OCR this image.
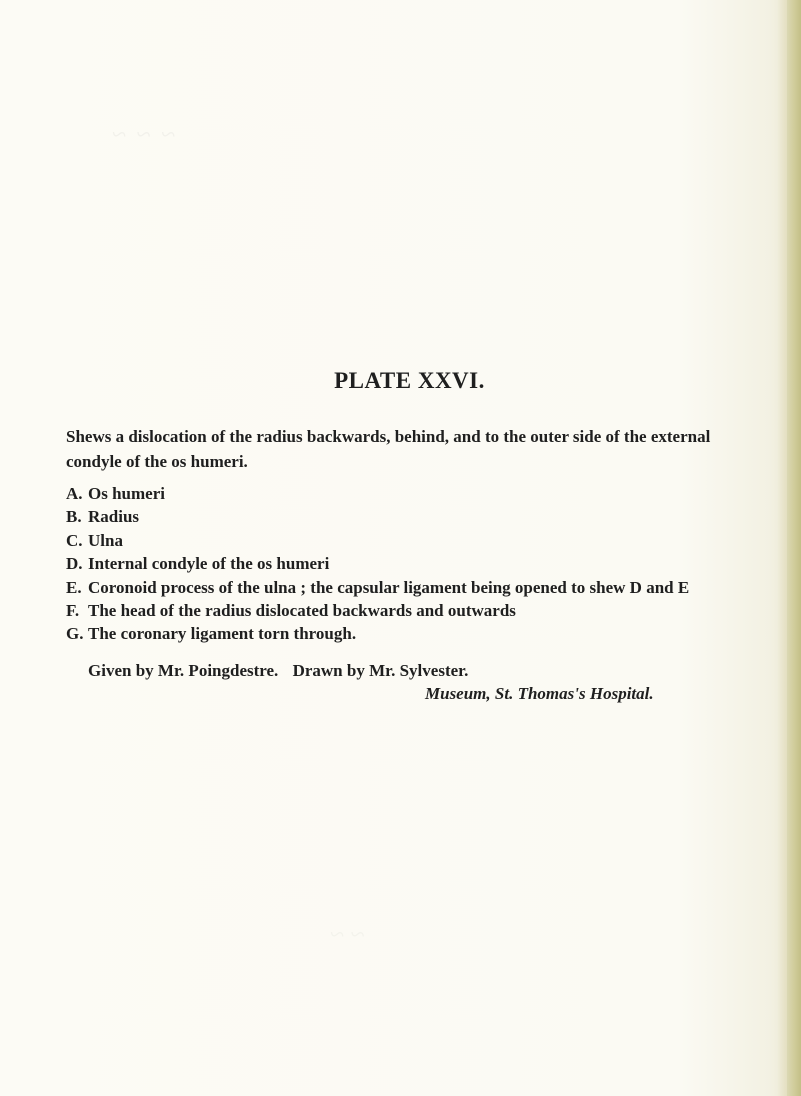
~ ~ ~
~ ~
PLATE XXVI.

Shews a dislocation of the radius backwards, behind, and to the outer side of the external condyle of the os humeri.

A. Os humeri
B. Radius
C. Ulna
D. Internal condyle of the os humeri
E. Coronoid process of the ulna ; the capsular ligament being opened to shew D and E
F. The head of the radius dislocated backwards and outwards
G. The coronary ligament torn through.
Given by Mr. Poingdestre. Drawn by Mr. Sylvester.
Museum, St. Thomas's Hospital.
